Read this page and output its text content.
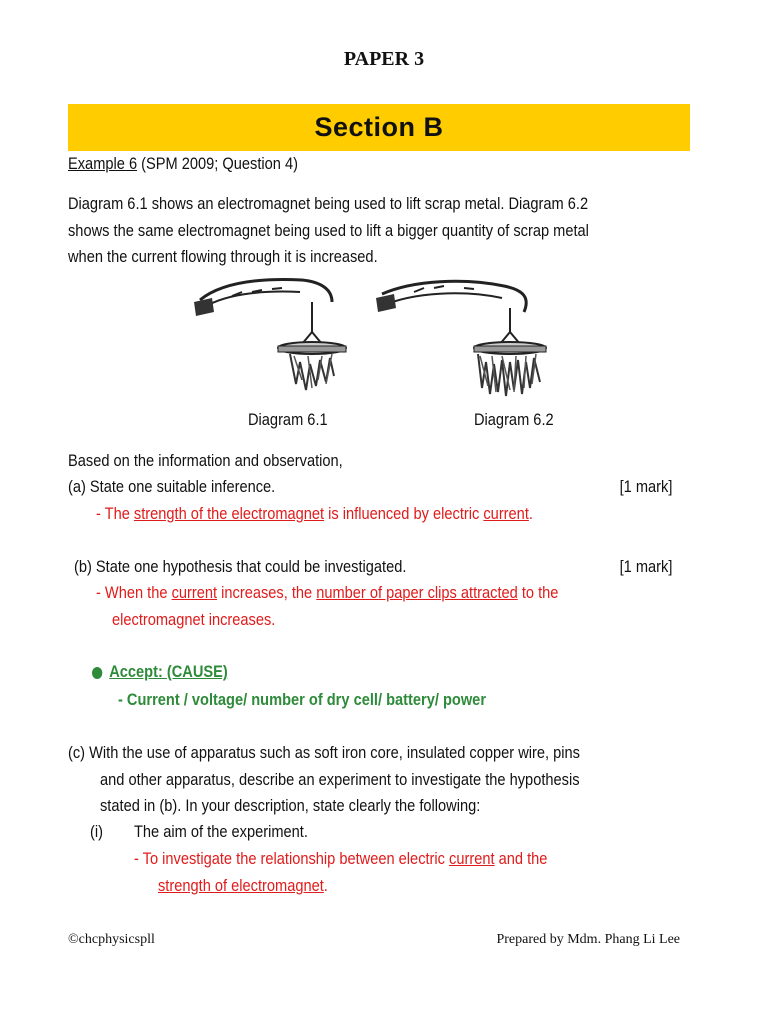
PAPER 3
Section B
Example 6 (SPM 2009; Question 4)
Diagram 6.1 shows an electromagnet being used to lift scrap metal. Diagram 6.2
shows the same electromagnet being used to lift a bigger quantity of scrap metal
when the current flowing through it is increased.
Diagram 6.1	Diagram 6.2
Based on the information and observation,
(a) State one suitable inference.	[1 mark]
- The strength of the electromagnet is influenced by electric current.
(b) State one hypothesis that could be investigated.	[1 mark]
- When the current increases, the number of paper clips attracted to the
electromagnet increases.
Accept: (CAUSE)
- Current / voltage/ number of dry cell/ battery/ power
(c) With the use of apparatus such as soft iron core, insulated copper wire, pins
and other apparatus, describe an experiment to investigate the hypothesis
stated in (b). In your description, state clearly the following:
(i) The aim of the experiment.
- To investigate the relationship between electric current and the
strength of electromagnet.
©chcphysicspll	Prepared by Mdm. Phang Li Lee
